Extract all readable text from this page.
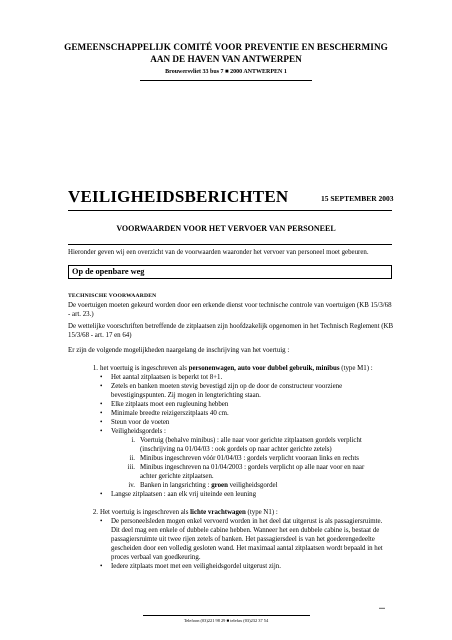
GEMEENSCHAPPELIJK COMITÉ VOOR PREVENTIE EN BESCHERMING
AAN DE HAVEN VAN ANTWERPEN
Brouwersvliet 33 bus 7 ■ 2000 ANTWERPEN 1
VEILIGHEIDSBERICHTEN	15 SEPTEMBER 2003
VOORWAARDEN VOOR HET VERVOER VAN PERSONEEL
Hieronder geven wij een overzicht van de voorwaarden waaronder het vervoer van personeel moet gebeuren.
Op de openbare weg
TECHNISCHE VOORWAARDEN
De voertuigen moeten gekeurd worden door een erkende dienst voor technische controle van voertuigen (KB 15/3/68 - art. 23.)
De wettelijke voorschriften betreffende de zitplaatsen zijn hoofdzakelijk opgenomen in het Technisch Reglement (KB 15/3/68 - art. 17 en 64)
Er zijn de volgende mogelijkheden naargelang de inschrijving van het voertuig :
1. het voertuig is ingeschreven als personenwagen, auto voor dubbel gebruik, minibus (type M1) :
•	Het aantal zitplaatsen is beperkt tot 8+1.
•	Zetels en banken moeten stevig bevestigd zijn op de door de constructeur voorziene
bevestigingspunten. Zij mogen in lengterichting staan.
•	Elke zitplaats moet een rugleuning hebben
•	Minimale breedte reizigerszitplaats 40 cm.
•	Steun voor de voeten
•	Veiligheidsgordels :
i. Voertuig (behalve minibus) : alle naar voor gerichte zitplaatsen gordels verplicht
(inschrijving na 01/04/03 : ook gordels op naar achter gerichte zetels)
ii. Minibus ingeschreven vóór 01/04/03 : gordels verplicht vooraan links en rechts
iii. Minibus ingeschreven na 01/04/2003 : gordels verplicht op alle naar voor en naar
achter gerichte zitplaatsen.
iv. Banken in langsrichting : groen veiligheidsgordel
•	Langse zitplaatsen : aan elk vrij uiteinde een leuning
2. Het voertuig is ingeschreven als lichte vrachtwagen (type N1) :
•	De personeelsleden mogen enkel vervoerd worden in het deel dat uitgerust is als passagiersruimte.
Dit deel mag een enkele of dubbele cabine hebben. Wanneer het een dubbele cabine is, bestaat de
passagiersruimte uit twee rijen zetels of banken. Het passagiersdeel is van het goederengedeelte
gescheiden door een volledig gesloten wand. Het maximaal aantal zitplaatsen wordt bepaald in het
proces verbaal van goedkeuring.
•	Iedere zitplaats moet met een veiligheidsgordel uitgerust zijn.
...
Telefoon (03)221 98 29 ■ telefax (03)232 37 54
